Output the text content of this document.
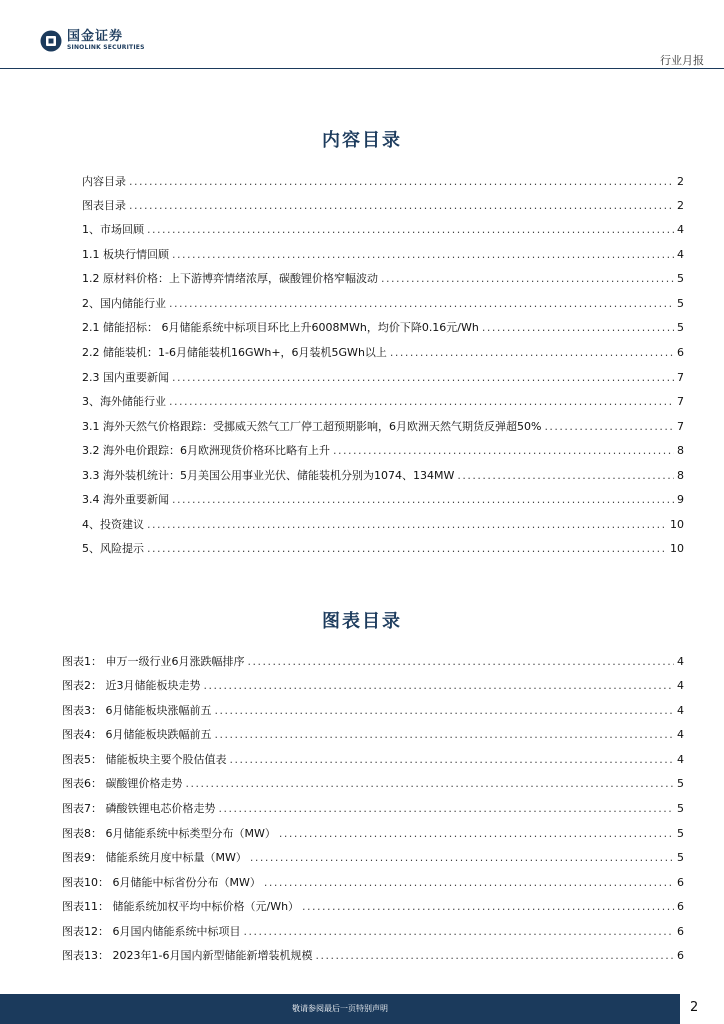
国金证券
SINOLINK SECURITIES
行业月报
内容目录
内容目录 .....	2
图表目录 .....	2
1、市场回顾 .....	4
1.1 板块行情回顾 .....	4
1.2 原材料价格：上下游博弈情绪浓厚，碳酸锂价格窄幅波动 .....	5
2、国内储能行业 .....	5
2.1 储能招标： 6月储能系统中标项目环比上升6008MWh，均价下降0.16元/Wh .....	5
2.2 储能装机：1-6月储能装机16GWh+，6月装机5GWh以上 .....	6
2.3 国内重要新闻 .....	7
3、海外储能行业 .....	7
3.1 海外天然气价格跟踪：受挪威天然气工厂停工超预期影响，6月欧洲天然气期货反弹超50% .....	7
3.2 海外电价跟踪：6月欧洲现货价格环比略有上升 .....	8
3.3 海外装机统计：5月美国公用事业光伏、储能装机分别为1074、134MW .....	8
3.4 海外重要新闻 .....	9
4、投资建议 .....	10
5、风险提示 .....	10
图表目录
图表1： 申万一级行业6月涨跌幅排序 .....	4
图表2： 近3月储能板块走势 .....	4
图表3： 6月储能板块涨幅前五 .....	4
图表4： 6月储能板块跌幅前五 .....	4
图表5： 储能板块主要个股估值表 .....	4
图表6： 碳酸锂价格走势 .....	5
图表7： 磷酸铁锂电芯价格走势 .....	5
图表8： 6月储能系统中标类型分布（MW） .....	5
图表9： 储能系统月度中标量（MW） .....	5
图表10： 6月储能中标省份分布（MW） .....	6
图表11： 储能系统加权平均中标价格（元/Wh） .....	6
图表12： 6月国内储能系统中标项目 .....	6
图表13： 2023年1-6月国内新型储能新增装机规模 .....	6
敬请参阅最后一页特别声明	2
